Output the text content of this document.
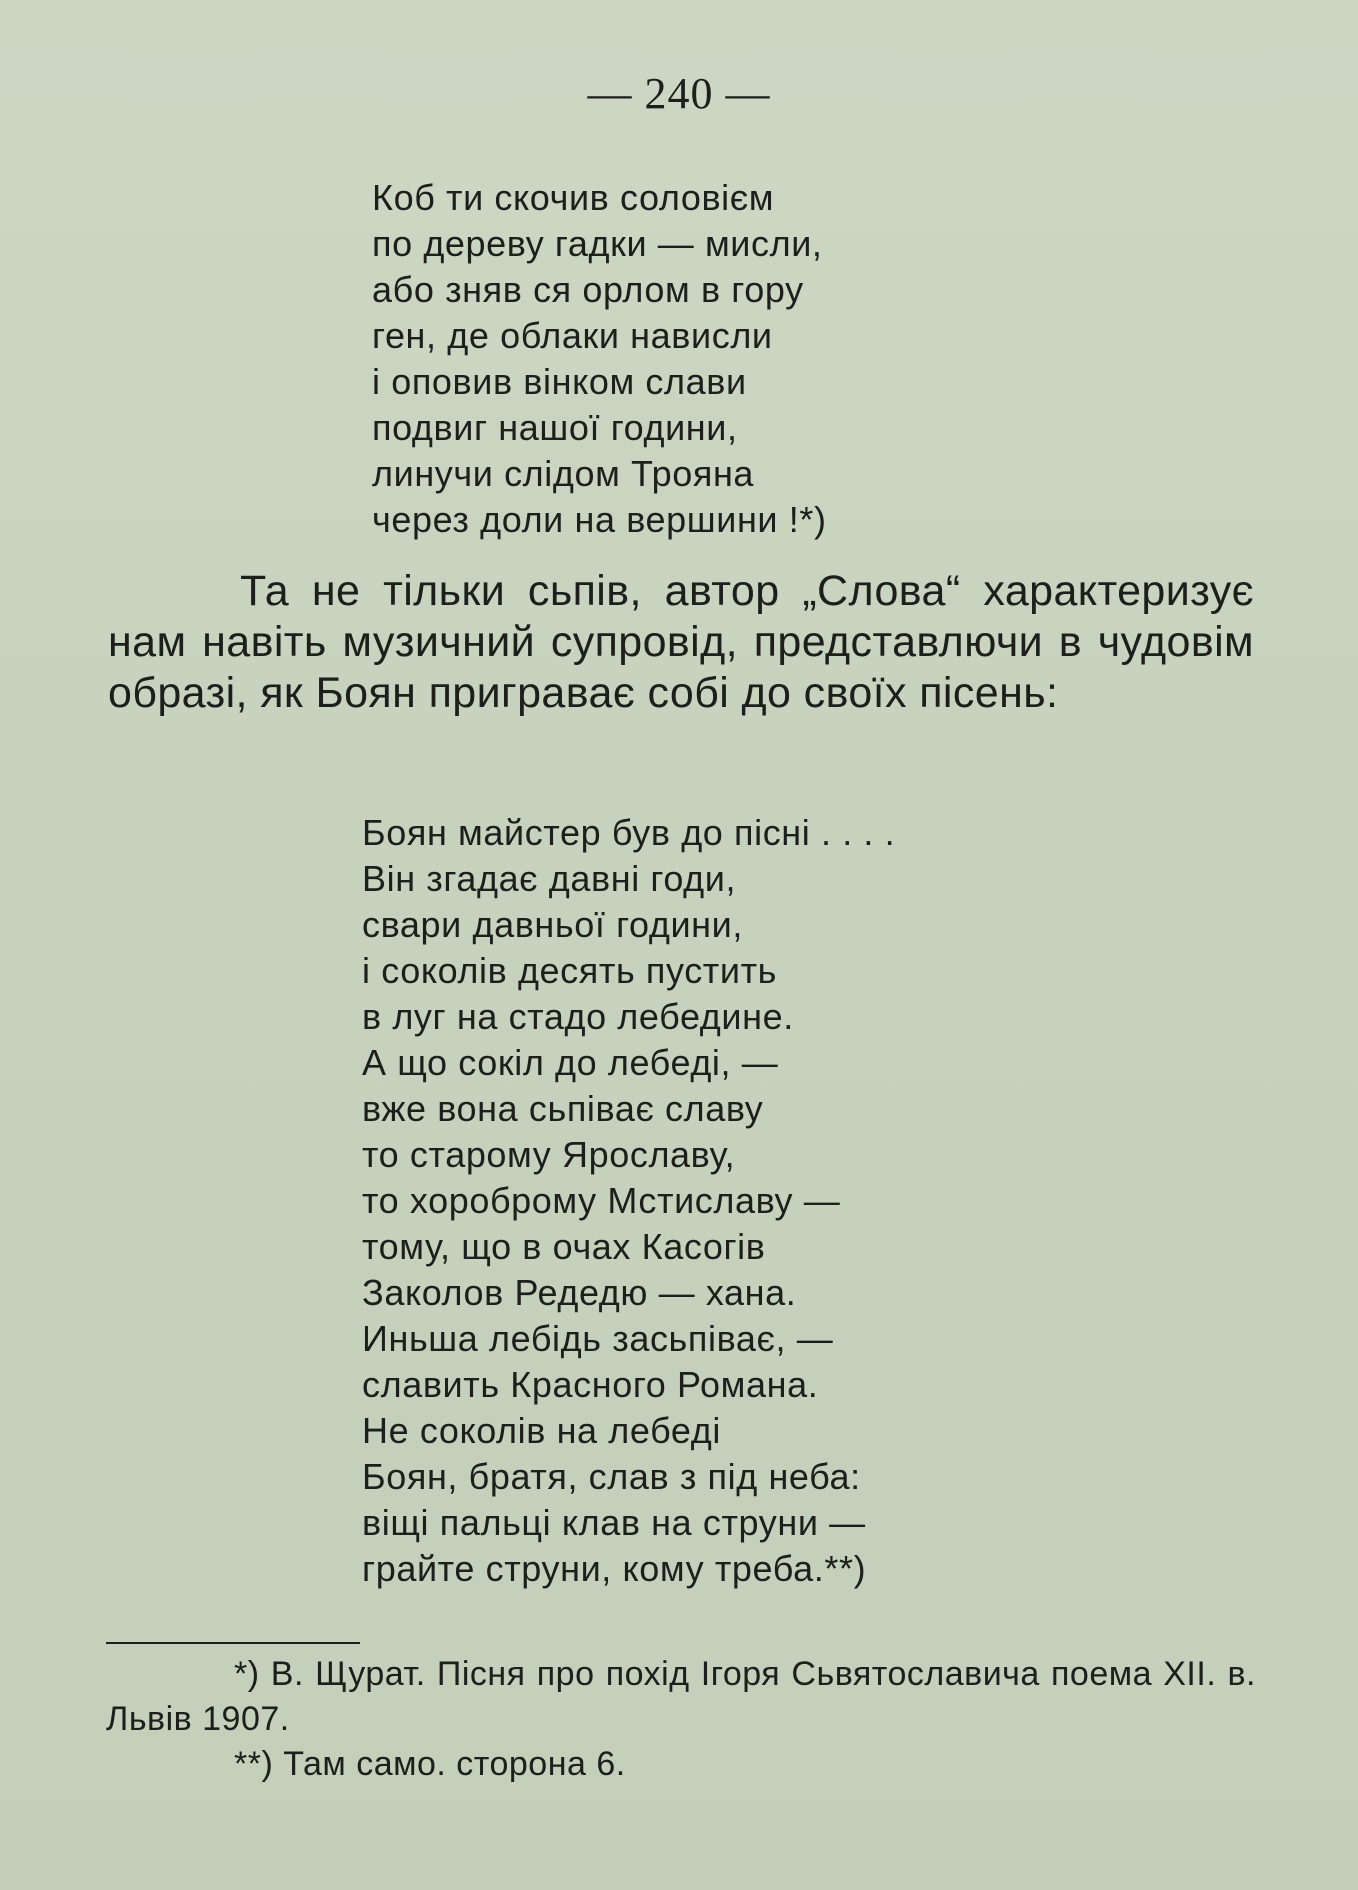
— 240 —
Коб ти скочив соловієм
по дереву гадки — мисли,
або зняв ся орлом в гору
ген, де облаки нависли
і оповив вінком слави
подвиг нашої години,
линучи слідом Трояна
через доли на вершини !*)
Та не тільки сьпів, автор „Слова“ характеризує нам навіть музичний супровід, представлючи в чудовім образі, як Боян приграває собі до своїх пісень:
Боян майстер був до пісні . . . .
Він згадає давні годи,
свари давньої години,
і соколів десять пустить
в луг на стадо лебедине.
А що сокіл до лебеді, —
вже вона сьпіває славу
то старому Ярославу,
то хороброму Мстиславу —
тому, що в очах Касогів
Заколов Редедю — хана.
Иньша лебідь засьпіває, —
славить Красного Романа.
Не соколів на лебеді
Боян, братя, слав з під неба:
віщі пальці клав на струни —
грайте струни, кому треба.**)
*) В. Щурат. Пісня про похід Ігоря Сьвятославича поема XII. в. Львів 1907.
**) Там само. сторона 6.
